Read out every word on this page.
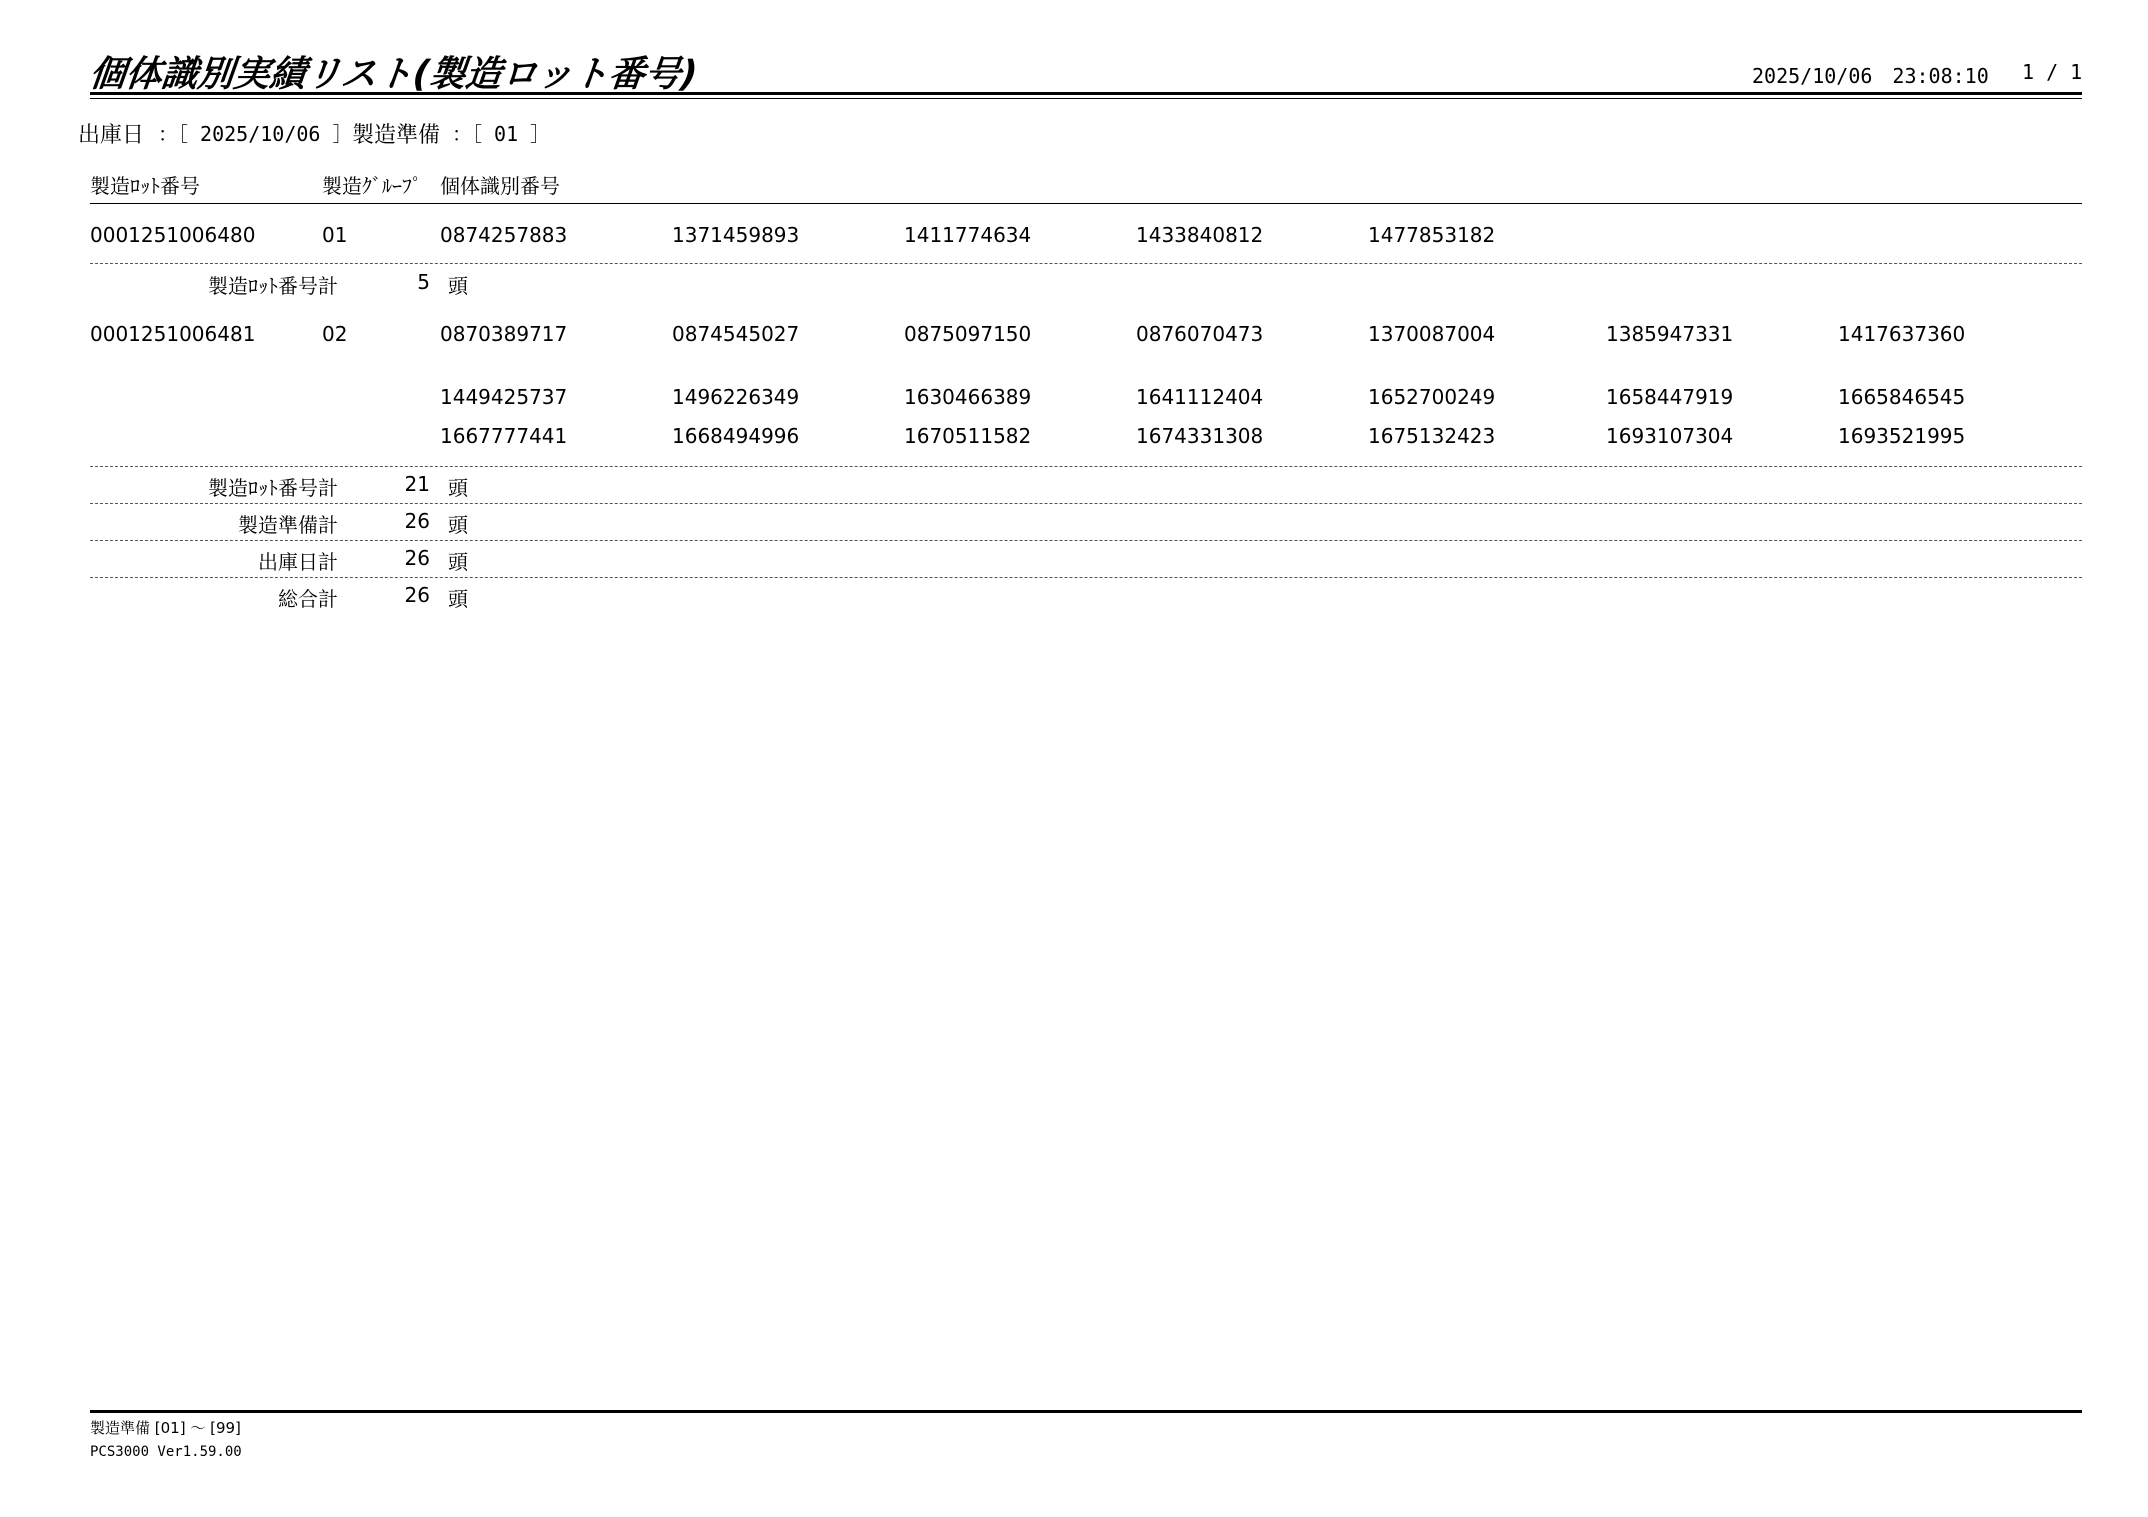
個体識別実績リスト(製造ロット番号)	2025/10/06　23:08:10 1 / 1
出庫日 ：［ 2025/10/06 ］ 製造準備 ：［ 01 ］
製造ﾛｯﾄ番号	製造ｸﾞﾙｰﾌﾟ 個体識別番号
0001251006480	01	0874257883	1371459893	1411774634	1433840812	1477853182
製造ﾛｯﾄ番号計	5 頭
0001251006481	02	0870389717	0874545027	0875097150	0876070473	1370087004	1385947331	1417637360
1449425737	1496226349	1630466389	1641112404	1652700249	1658447919	1665846545
1667777441	1668494996	1670511582	1674331308	1675132423	1693107304	1693521995
製造ﾛｯﾄ番号計	21 頭
製造準備計	26 頭
出庫日計	26 頭
総合計	26 頭
製造準備 [01] ～ [99]
PCS3000 Ver1.59.00
